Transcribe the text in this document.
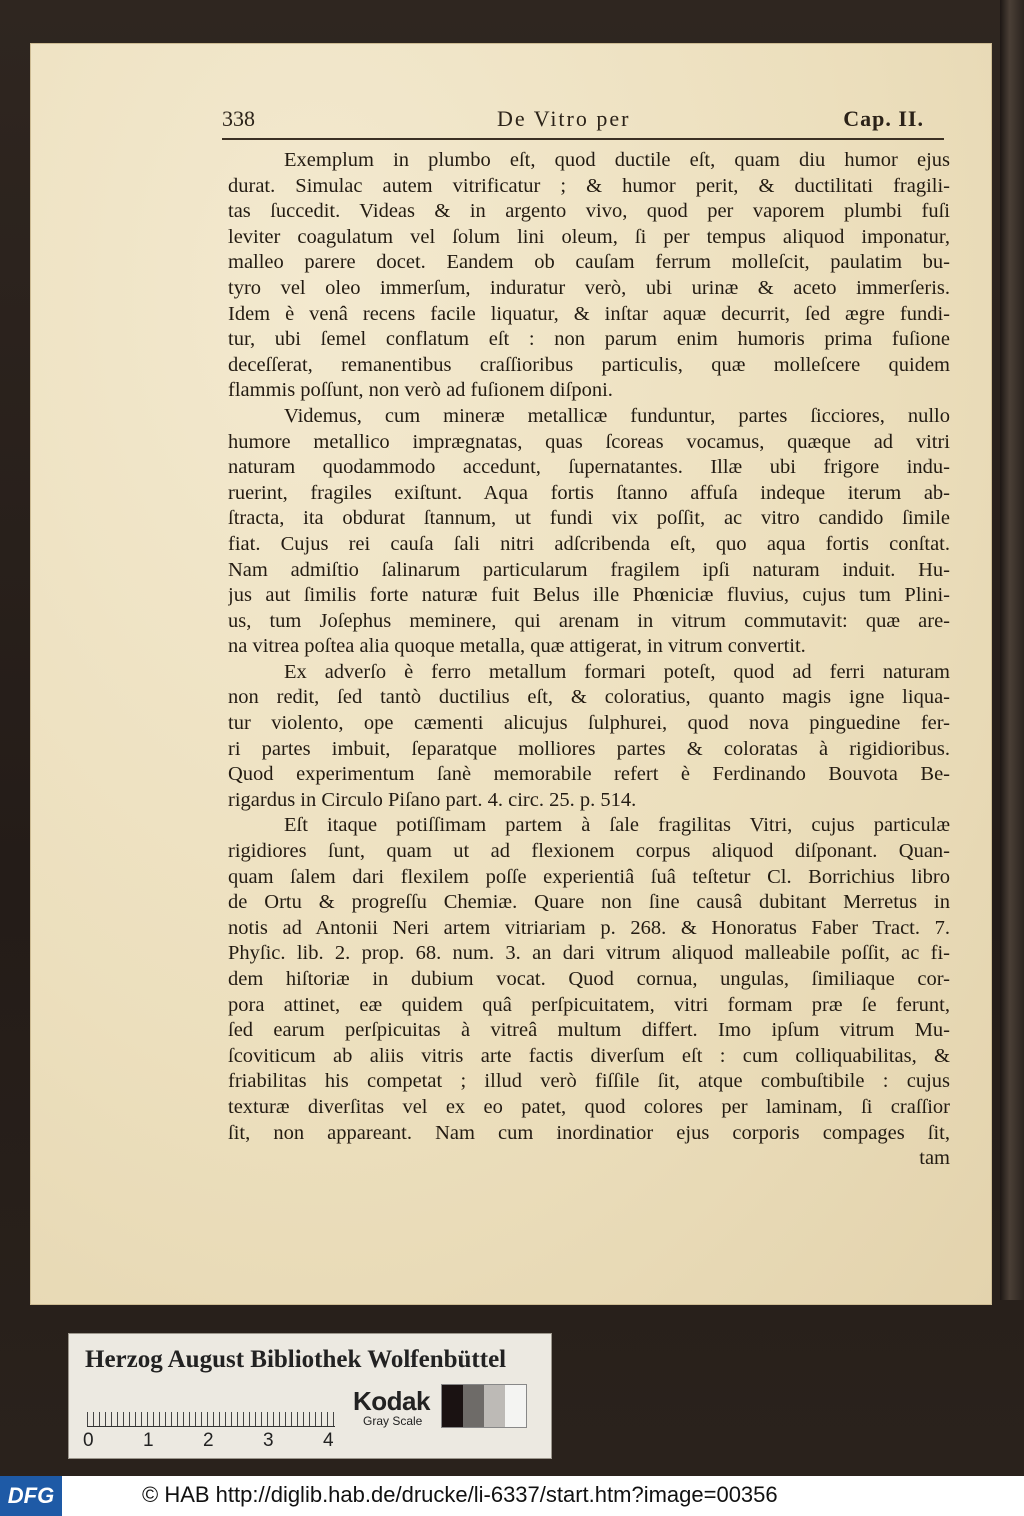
338	De Vitro per	Cap. II.
Exemplum in plumbo eſt, quod ductile eſt, quam diu humor ejus
durat. Simulac autem vitrificatur ; & humor perit, & ductilitati fragili-
tas ſuccedit. Videas & in argento vivo, quod per vaporem plumbi fuſi
leviter coagulatum vel ſolum lini oleum, ſi per tempus aliquod imponatur,
malleo parere docet. Eandem ob cauſam ferrum molleſcit, paulatim bu-
tyro vel oleo immerſum, induratur verò, ubi urinæ & aceto immerſeris.
Idem è venâ recens facile liquatur, & inſtar aquæ decurrit, ſed ægre fundi-
tur, ubi ſemel conflatum eſt : non parum enim humoris prima fuſione
deceſſerat, remanentibus craſſioribus particulis, quæ molleſcere quidem
flammis poſſunt, non verò ad fuſionem diſponi.
Videmus, cum mineræ metallicæ funduntur, partes ſicciores, nullo
humore metallico imprægnatas, quas ſcoreas vocamus, quæque ad vitri
naturam quodammodo accedunt, ſupernatantes. Illæ ubi frigore indu-
ruerint, fragiles exiſtunt. Aqua fortis ſtanno affuſa indeque iterum ab-
ſtracta, ita obdurat ſtannum, ut fundi vix poſſit, ac vitro candido ſimile
fiat. Cujus rei cauſa ſali nitri adſcribenda eſt, quo aqua fortis conſtat.
Nam admiſtio ſalinarum particularum fragilem ipſi naturam induit. Hu-
jus aut ſimilis forte naturæ fuit Belus ille Phœniciæ fluvius, cujus tum Plini-
us, tum Joſephus meminere, qui arenam in vitrum commutavit: quæ are-
na vitrea poſtea alia quoque metalla, quæ attigerat, in vitrum convertit.
Ex adverſo è ferro metallum formari poteſt, quod ad ferri naturam
non redit, ſed tantò ductilius eſt, & coloratius, quanto magis igne liqua-
tur violento, ope cæmenti alicujus ſulphurei, quod nova pinguedine fer-
ri partes imbuit, ſeparatque molliores partes & coloratas à rigidioribus.
Quod experimentum ſanè memorabile refert è Ferdinando Bouvota Be-
rigardus in Circulo Piſano part. 4. circ. 25. p. 514.
Eſt itaque potiſſimam partem à ſale fragilitas Vitri, cujus particulæ
rigidiores ſunt, quam ut ad flexionem corpus aliquod diſponant. Quan-
quam ſalem dari flexilem poſſe experientiâ ſuâ teſtetur Cl. Borrichius libro
de Ortu & progreſſu Chemiæ. Quare non ſine causâ dubitant Merretus in
notis ad Antonii Neri artem vitriariam p. 268. & Honoratus Faber Tract. 7.
Phyſic. lib. 2. prop. 68. num. 3. an dari vitrum aliquod malleabile poſſit, ac fi-
dem hiſtoriæ in dubium vocat. Quod cornua, ungulas, ſimiliaque cor-
pora attinet, eæ quidem quâ perſpicuitatem, vitri formam præ ſe ferunt,
ſed earum perſpicuitas à vitreâ multum differt. Imo ipſum vitrum Mu-
ſcoviticum ab aliis vitris arte factis diverſum eſt : cum colliquabilitas, &
friabilitas his competat ; illud verò fiſſile ſit, atque combuſtibile : cujus
texturæ diverſitas vel ex eo patet, quod colores per laminam, ſi craſſior
ſit, non appareant. Nam cum inordinatior ejus corporis compages ſit,
tam
Herzog August Bibliothek Wolfenbüttel
0	1	2	3	4
Kodak
Gray Scale
DFG	© HAB http://diglib.hab.de/drucke/li-6337/start.htm?image=00356
